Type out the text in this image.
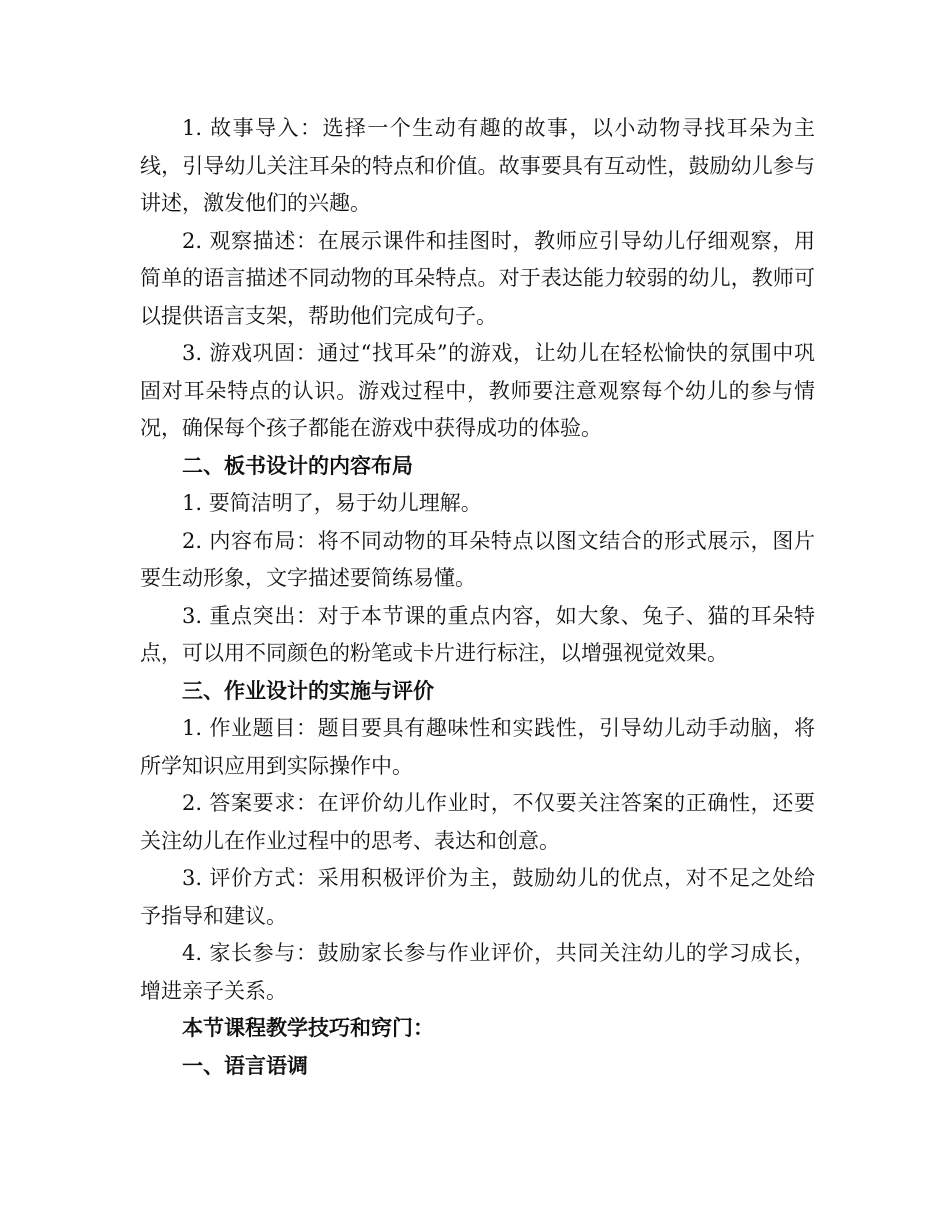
1. 故事导入：选择一个生动有趣的故事，以小动物寻找耳朵为主线，引导幼儿关注耳朵的特点和价值。故事要具有互动性，鼓励幼儿参与讲述，激发他们的兴趣。

2. 观察描述：在展示课件和挂图时，教师应引导幼儿仔细观察，用简单的语言描述不同动物的耳朵特点。对于表达能力较弱的幼儿，教师可以提供语言支架，帮助他们完成句子。

3. 游戏巩固：通过“找耳朵”的游戏，让幼儿在轻松愉快的氛围中巩固对耳朵特点的认识。游戏过程中，教师要注意观察每个幼儿的参与情况，确保每个孩子都能在游戏中获得成功的体验。

二、板书设计的内容布局

1. 要简洁明了，易于幼儿理解。

2. 内容布局：将不同动物的耳朵特点以图文结合的形式展示，图片要生动形象，文字描述要简练易懂。

3. 重点突出：对于本节课的重点内容，如大象、兔子、猫的耳朵特点，可以用不同颜色的粉笔或卡片进行标注，以增强视觉效果。

三、作业设计的实施与评价

1. 作业题目：题目要具有趣味性和实践性，引导幼儿动手动脑，将所学知识应用到实际操作中。

2. 答案要求：在评价幼儿作业时，不仅要关注答案的正确性，还要关注幼儿在作业过程中的思考、表达和创意。

3. 评价方式：采用积极评价为主，鼓励幼儿的优点，对不足之处给予指导和建议。

4. 家长参与：鼓励家长参与作业评价，共同关注幼儿的学习成长，增进亲子关系。

本节课程教学技巧和窍门：

一、语言语调
